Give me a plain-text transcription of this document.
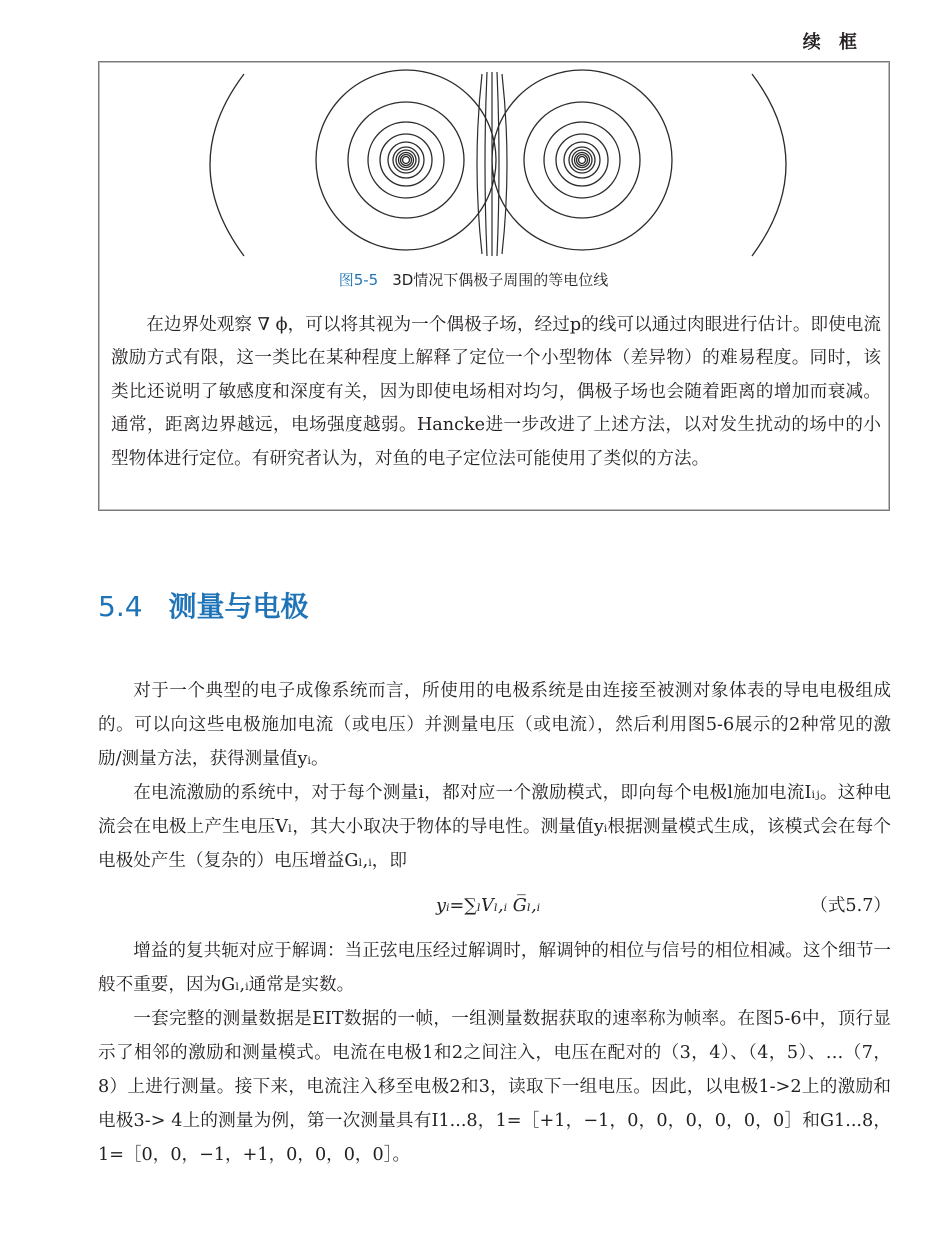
续 框
图5-5 3D情况下偶极子周围的等电位线

在边界处观察 ∇ ϕ，可以将其视为一个偶极子场，经过p的线可以通过肉眼进行估计。即使电流激励方式有限，这一类比在某种程度上解释了定位一个小型物体（差异物）的难易程度。同时，该类比还说明了敏感度和深度有关，因为即使电场相对均匀，偶极子场也会随着距离的增加而衰减。通常，距离边界越远，电场强度越弱。Hancke进一步改进了上述方法，以对发生扰动的场中的小型物体进行定位。有研究者认为，对鱼的电子定位法可能使用了类似的方法。

5.4 测量与电极

对于一个典型的电子成像系统而言，所使用的电极系统是由连接至被测对象体表的导电电极组成的。可以向这些电极施加电流（或电压）并测量电压（或电流），然后利用图5-6展示的2种常见的激励/测量方法，获得测量值yᵢ。

在电流激励的系统中，对于每个测量i，都对应一个激励模式，即向每个电极l施加电流Iᵢⱼ。这种电流会在电极上产生电压Vₗ，其大小取决于物体的导电性。测量值yᵢ根据测量模式生成，该模式会在每个电极处产生（复杂的）电压增益Gₗ,ᵢ，即

yᵢ=∑ₗVₗ,ᵢ G̅ₗ,ᵢ	（式5.7）

增益的复共轭对应于解调：当正弦电压经过解调时，解调钟的相位与信号的相位相减。这个细节一般不重要，因为Gₗ,ᵢ通常是实数。

一套完整的测量数据是EIT数据的一帧，一组测量数据获取的速率称为帧率。在图5-6中，顶行显示了相邻的激励和测量模式。电流在电极1和2之间注入，电压在配对的（3，4）、（4，5）、…（7，8）上进行测量。接下来，电流注入移至电极2和3，读取下一组电压。因此，以电极1->2上的激励和电极3-> 4上的测量为例，第一次测量具有I1...8，1=［+1，−1，0，0，0，0，0，0］和G1...8，1=［0，0，−1，+1，0，0，0，0］。
